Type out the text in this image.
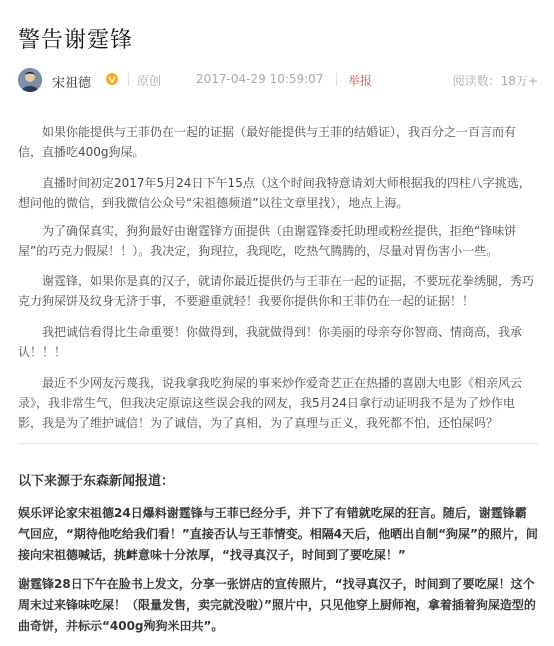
警告谢霆锋
宋祖德	原创	2017-04-29 10:59:07 举报	阅读数：18万+

如果你能提供与王菲仍在一起的证据（最好能提供与王菲的结婚证），我百分之一百言而有信，直播吃400g狗屎。

直播时间初定2017年5月24日下午15点（这个时间我特意请刘大师根据我的四柱八字挑选，想问他的微信，到我微信公众号“宋祖德频道”以往文章里找），地点上海。

为了确保真实，狗狗最好由谢霆锋方面提供（由谢霆锋委托助理或粉丝提供，拒绝“锋味饼屋”的巧克力假屎！！）。我决定，狗现拉，我现吃，吃热气腾腾的，尽量对胃伤害小一些。

谢霆锋，如果你是真的汉子，就请你最近提供仍与王菲在一起的证据，不要玩花拳绣腿，秀巧克力狗屎饼及纹身无济于事，不要避重就轻！我要你提供你和王菲仍在一起的证据！！

我把诚信看得比生命重要！你做得到，我就做得到！你美丽的母亲夸你智商、情商高，我承认！！！

最近不少网友污蔑我，说我拿我吃狗屎的事来炒作爱奇艺正在热播的喜剧大电影《相亲风云录》，我非常生气，但我决定原谅这些误会我的网友，我5月24日拿行动证明我不是为了炒作电影，我是为了维护诚信！为了诚信，为了真相，为了真理与正义，我死都不怕，还怕屎吗？

以下来源于东森新闻报道：

娱乐评论家宋祖德24日爆料谢霆锋与王菲已经分手，并下了有错就吃屎的狂言。随后，谢霆锋霸气回应，“期待他吃给我们看！”直接否认与王菲情变。相隔4天后，他晒出自制“狗屎”的照片，间接向宋祖德喊话，挑衅意味十分浓厚，“找寻真汉子，时间到了要吃屎！”

谢霆锋28日下午在脸书上发文，分享一张饼店的宣传照片，“找寻真汉子，时间到了要吃屎！这个周末过来锋味吃屎！（限量发售，卖完就没啦）”照片中，只见他穿上厨师袍，拿着插着狗屎造型的曲奇饼，并标示“400g殉狗米田共”。
